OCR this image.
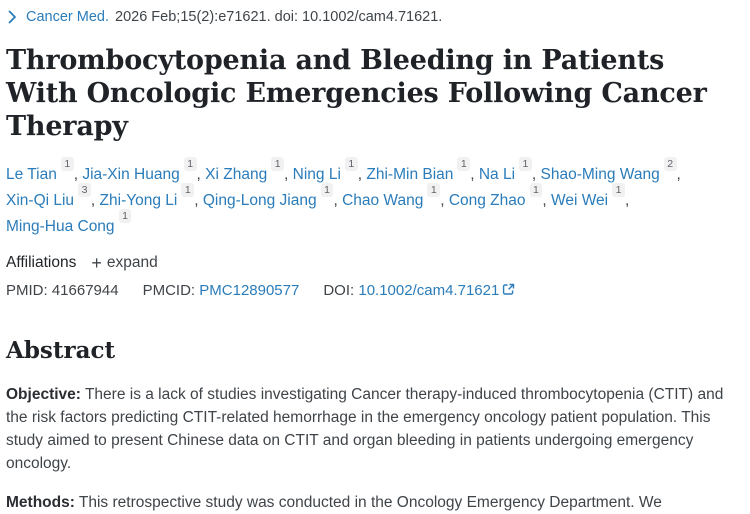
Cancer Med. 2026 Feb;15(2):e71621. doi: 10.1002/cam4.71621.
Thrombocytopenia and Bleeding in Patients With Oncologic Emergencies Following Cancer Therapy
Le Tian$^1$, Jia-Xin Huang$^1$, Xi Zhang$^1$, Ning Li$^1$, Zhi-Min Bian$^1$, Na Li$^1$, Shao-Ming Wang$^2$,
Xin-Qi Liu$^3$, Zhi-Yong Li$^1$, Qing-Long Jiang$^1$, Chao Wang$^1$, Cong Zhao$^1$, Wei Wei$^1$,
Ming-Hua Cong$^1$
Affiliations + expand
PMID: 41667944 PMCID: PMC12890577 DOI: 10.1002/cam4.71621
Abstract

Objective: There is a lack of studies investigating Cancer therapy-induced thrombocytopenia (CTIT) and the risk factors predicting CTIT-related hemorrhage in the emergency oncology patient population. This study aimed to present Chinese data on CTIT and organ bleeding in patients undergoing emergency oncology.

Methods: This retrospective study was conducted in the Oncology Emergency Department. We
